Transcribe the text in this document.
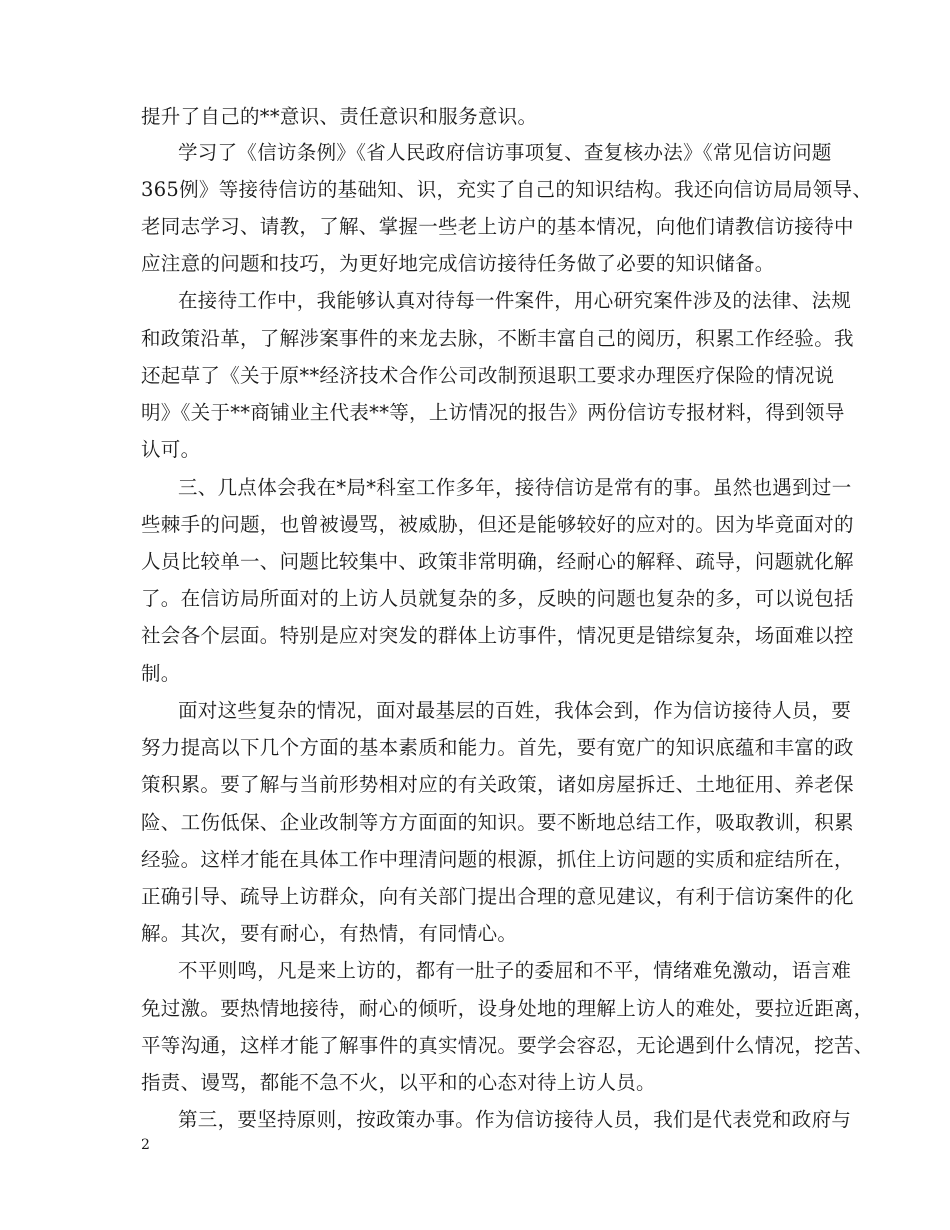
提升了自己的**意识、责任意识和服务意识。
学习了《信访条例》《省人民政府信访事项复、查复核办法》《常见信访问题
365例》等接待信访的基础知、识，充实了自己的知识结构。我还向信访局局领导、
老同志学习、请教，了解、掌握一些老上访户的基本情况，向他们请教信访接待中
应注意的问题和技巧，为更好地完成信访接待任务做了必要的知识储备。
在接待工作中，我能够认真对待每一件案件，用心研究案件涉及的法律、法规
和政策沿革，了解涉案事件的来龙去脉，不断丰富自己的阅历，积累工作经验。我
还起草了《关于原**经济技术合作公司改制预退职工要求办理医疗保险的情况说
明》《关于**商铺业主代表**等，上访情况的报告》两份信访专报材料，得到领导
认可。
三、几点体会我在*局*科室工作多年，接待信访是常有的事。虽然也遇到过一
些棘手的问题，也曾被谩骂，被威胁，但还是能够较好的应对的。因为毕竟面对的
人员比较单一、问题比较集中、政策非常明确，经耐心的解释、疏导，问题就化解
了。在信访局所面对的上访人员就复杂的多，反映的问题也复杂的多，可以说包括
社会各个层面。特别是应对突发的群体上访事件，情况更是错综复杂，场面难以控
制。
面对这些复杂的情况，面对最基层的百姓，我体会到，作为信访接待人员，要
努力提高以下几个方面的基本素质和能力。首先，要有宽广的知识底蕴和丰富的政
策积累。要了解与当前形势相对应的有关政策，诸如房屋拆迁、土地征用、养老保
险、工伤低保、企业改制等方方面面的知识。要不断地总结工作，吸取教训，积累
经验。这样才能在具体工作中理清问题的根源，抓住上访问题的实质和症结所在，
正确引导、疏导上访群众，向有关部门提出合理的意见建议，有利于信访案件的化
解。其次，要有耐心，有热情，有同情心。
不平则鸣，凡是来上访的，都有一肚子的委屈和不平，情绪难免激动，语言难
免过激。要热情地接待，耐心的倾听，设身处地的理解上访人的难处，要拉近距离，
平等沟通，这样才能了解事件的真实情况。要学会容忍，无论遇到什么情况，挖苦、
指责、谩骂，都能不急不火，以平和的心态对待上访人员。
第三，要坚持原则，按政策办事。作为信访接待人员，我们是代表党和政府与
2
